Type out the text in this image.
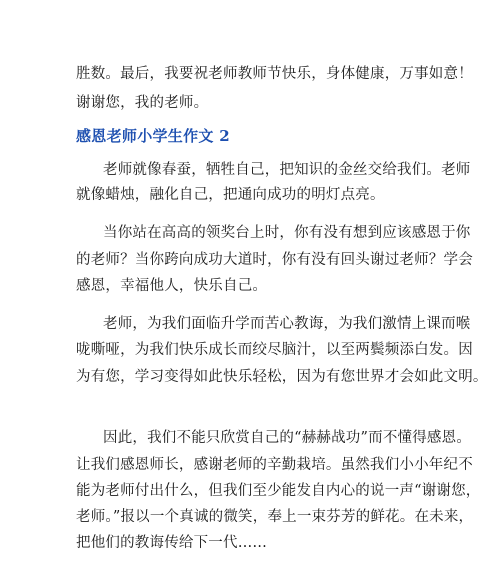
胜数。最后，我要祝老师教师节快乐，身体健康，万事如意！
谢谢您，我的老师。
感恩老师小学生作文 2
老师就像春蚕，牺牲自己，把知识的金丝交给我们。老师
就像蜡烛，融化自己，把通向成功的明灯点亮。
当你站在高高的领奖台上时，你有没有想到应该感恩于你
的老师？当你跨向成功大道时，你有没有回头谢过老师？学会
感恩，幸福他人，快乐自己。
老师，为我们面临升学而苦心教诲，为我们激情上课而喉
咙嘶哑，为我们快乐成长而绞尽脑汁，以至两鬓频添白发。因
为有您，学习变得如此快乐轻松，因为有您世界才会如此文明。
因此，我们不能只欣赏自己的“赫赫战功”而不懂得感恩。
让我们感恩师长，感谢老师的辛勤栽培。虽然我们小小年纪不
能为老师付出什么，但我们至少能发自内心的说一声“谢谢您，
老师。”报以一个真诚的微笑，奉上一束芬芳的鲜花。在未来，
把他们的教诲传给下一代……
